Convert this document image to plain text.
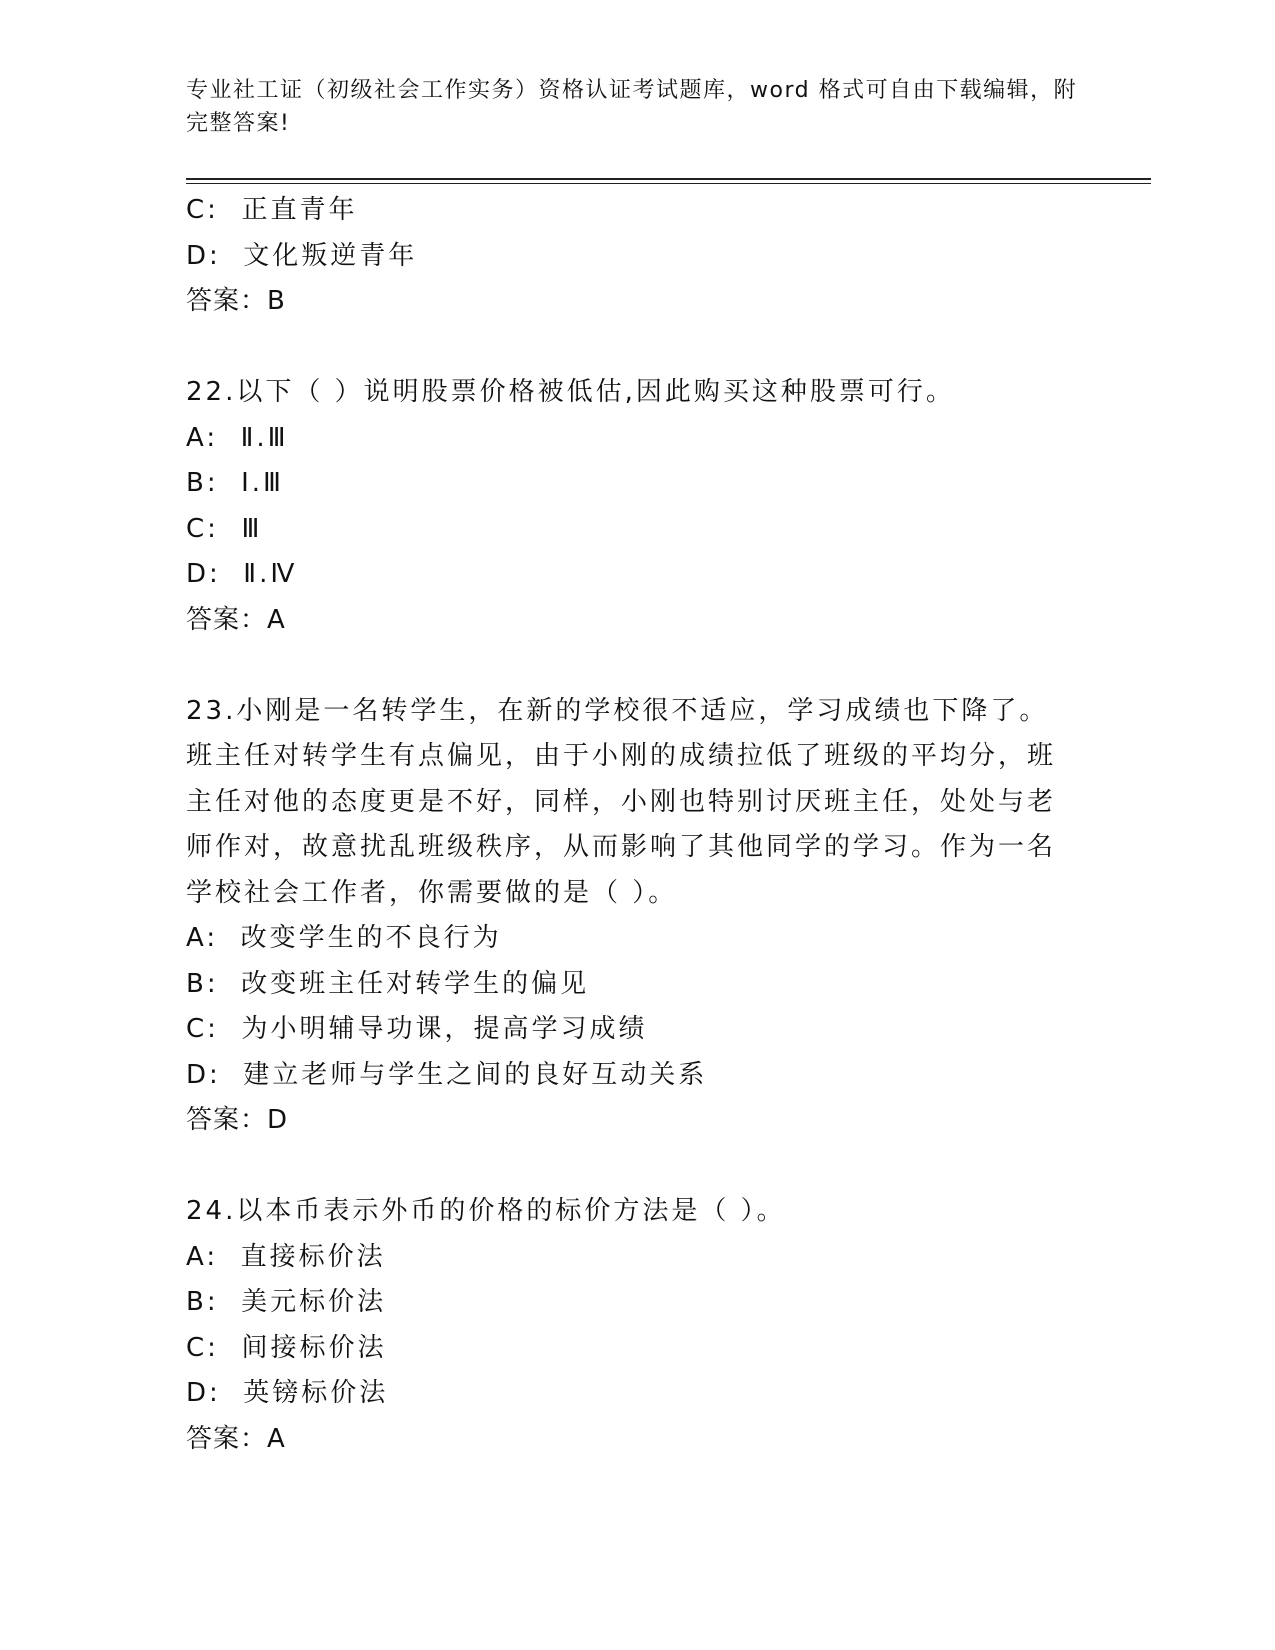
专业社工证（初级社会工作实务）资格认证考试题库，word 格式可自由下载编辑，附完整答案!
C:  正直青年
D:  文化叛逆青年
答案：B
22.以下（ ）说明股票价格被低估,因此购买这种股票可行。
A:  Ⅱ.Ⅲ
B:  Ⅰ.Ⅲ
C:  Ⅲ
D:  Ⅱ.Ⅳ
答案：A
23.小刚是一名转学生，在新的学校很不适应，学习成绩也下降了。班主任对转学生有点偏见，由于小刚的成绩拉低了班级的平均分，班主任对他的态度更是不好，同样，小刚也特别讨厌班主任，处处与老师作对，故意扰乱班级秩序，从而影响了其他同学的学习。作为一名学校社会工作者，你需要做的是（ ）。
A:  改变学生的不良行为
B:  改变班主任对转学生的偏见
C:  为小明辅导功课，提高学习成绩
D:  建立老师与学生之间的良好互动关系
答案：D
24.以本币表示外币的价格的标价方法是（ ）。
A:  直接标价法
B:  美元标价法
C:  间接标价法
D:  英镑标价法
答案：A
